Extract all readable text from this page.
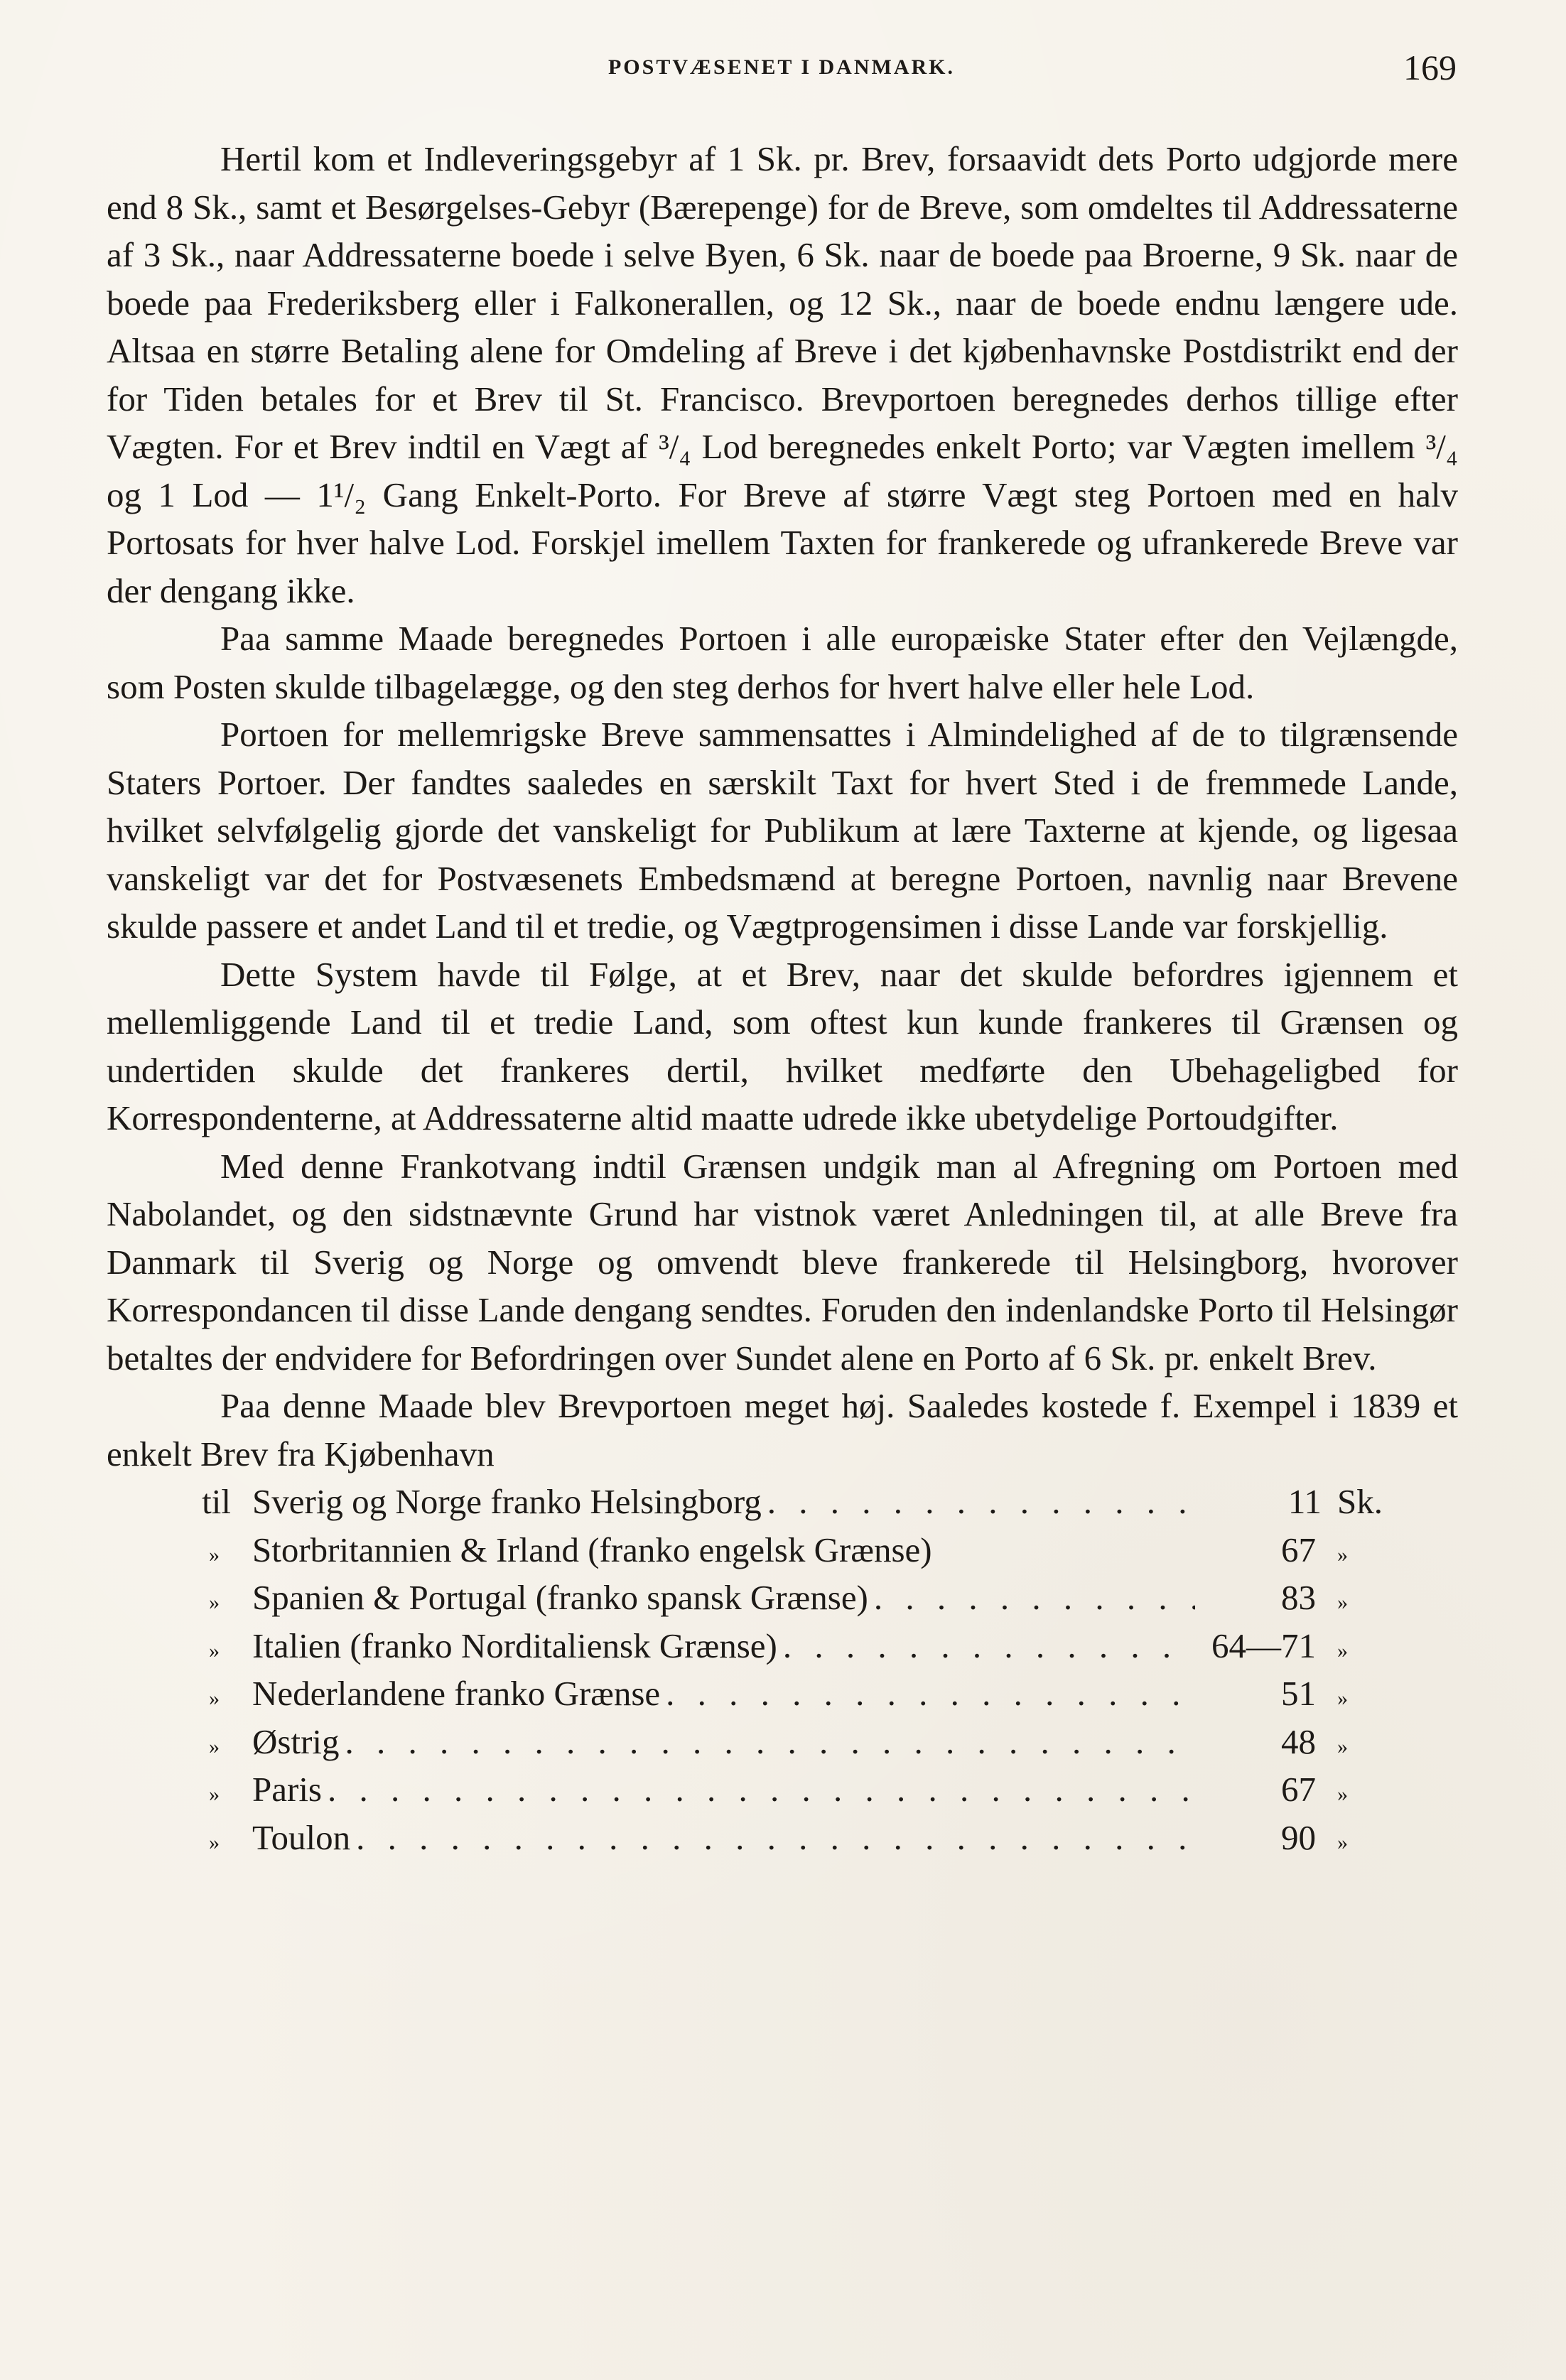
POSTVÆSENET I DANMARK.	169

Hertil kom et Indleveringsgebyr af 1 Sk. pr. Brev, forsaavidt dets Porto udgjorde mere end 8 Sk., samt et Besørgelses-Gebyr (Bærepenge) for de Breve, som omdeltes til Addressaterne af 3 Sk., naar Addressaterne boede i selve Byen, 6 Sk. naar de boede paa Broerne, 9 Sk. naar de boede paa Frederiksberg eller i Falkonerallen, og 12 Sk., naar de boede endnu længere ude. Altsaa en større Betaling alene for Omdeling af Breve i det kjøbenhavnske Postdistrikt end der for Tiden betales for et Brev til St. Francisco. Brevportoen beregnedes derhos tillige efter Vægten. For et Brev indtil en Vægt af ³/₄ Lod beregnedes enkelt Porto; var Vægten imellem ³/₄ og 1 Lod — 1¹/₂ Gang Enkelt-Porto. For Breve af større Vægt steg Portoen med en halv Portosats for hver halve Lod. Forskjel imellem Taxten for frankerede og ufrankerede Breve var der dengang ikke.

Paa samme Maade beregnedes Portoen i alle europæiske Stater efter den Vejlængde, som Posten skulde tilbagelægge, og den steg derhos for hvert halve eller hele Lod.

Portoen for mellemrigske Breve sammensattes i Almindelighed af de to tilgrænsende Staters Portoer. Der fandtes saaledes en særskilt Taxt for hvert Sted i de fremmede Lande, hvilket selvfølgelig gjorde det vanskeligt for Publikum at lære Taxterne at kjende, og ligesaa vanskeligt var det for Postvæsenets Embedsmænd at beregne Portoen, navnlig naar Brevene skulde passere et andet Land til et tredie, og Vægtprogensimen i disse Lande var forskjellig.

Dette System havde til Følge, at et Brev, naar det skulde befordres igjennem et mellemliggende Land til et tredie Land, som oftest kun kunde frankeres til Grænsen og undertiden skulde det frankeres dertil, hvilket medførte den Ubehageligbed for Korrespondenterne, at Addressaterne altid maatte udrede ikke ubetydelige Portoudgifter.

Med denne Frankotvang indtil Grænsen undgik man al Afregning om Portoen med Nabolandet, og den sidstnævnte Grund har vistnok været Anledningen til, at alle Breve fra Danmark til Sverig og Norge og omvendt bleve frankerede til Helsingborg, hvorover Korrespondancen til disse Lande dengang sendtes. Foruden den indenlandske Porto til Helsingør betaltes der endvidere for Befordringen over Sundet alene en Porto af 6 Sk. pr. enkelt Brev.

Paa denne Maade blev Brevportoen meget høj. Saaledes kostede f. Exempel i 1839 et enkelt Brev fra Kjøbenhavn

til Sverig og Norge franko Helsingborg . . .	11 Sk.
» Storbritannien & Irland (franko engelsk Grænse)	67	»
» Spanien & Portugal (franko spansk Grænse) . . .	83	»
» Italien (franko Norditaliensk Grænse) . . .	64—71	»
» Nederlandene franko Grænse . . .	51	»
» Østrig . . .	48	»
» Paris . . .	67	»
» Toulon . . .	90	»
